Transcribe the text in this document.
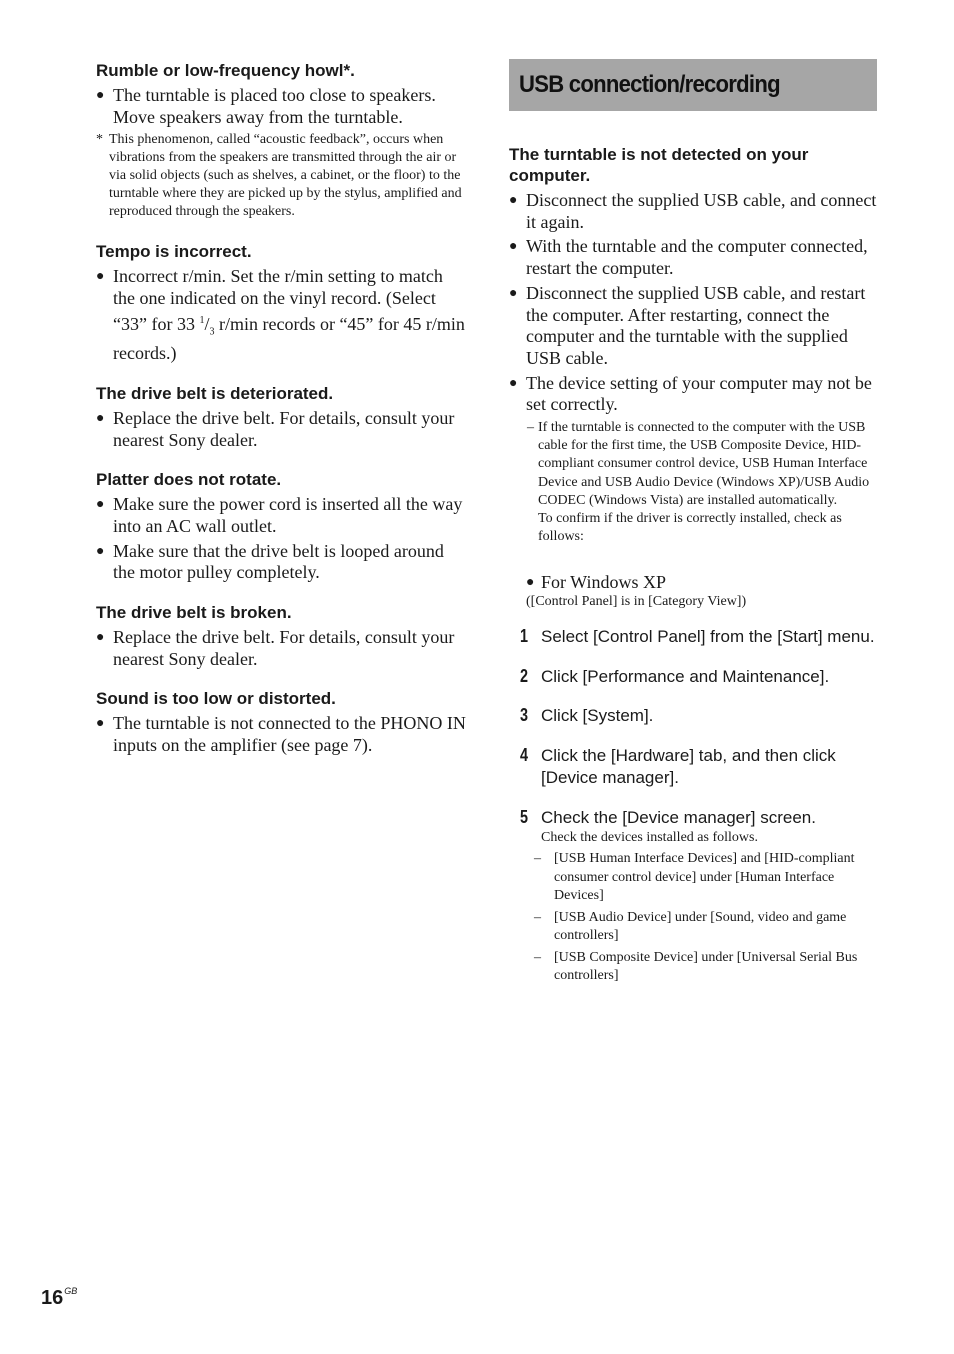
Rumble or low-frequency howl*.
● The turntable is placed too close to speakers. Move speakers away from the turntable.
* This phenomenon, called “acoustic feedback”, occurs when vibrations from the speakers are transmitted through the air or via solid objects (such as shelves, a cabinet, or the floor) to the turntable where they are picked up by the stylus, amplified and reproduced through the speakers.
Tempo is incorrect.
● Incorrect r/min. Set the r/min setting to match the one indicated on the vinyl record. (Select “33” for 33 $^1/_3$ r/min records or “45” for 45 r/min records.)
The drive belt is deteriorated.
● Replace the drive belt. For details, consult your nearest Sony dealer.
Platter does not rotate.
● Make sure the power cord is inserted all the way into an AC wall outlet.
● Make sure that the drive belt is looped around the motor pulley completely.
The drive belt is broken.
● Replace the drive belt. For details, consult your nearest Sony dealer.
Sound is too low or distorted.
● The turntable is not connected to the PHONO IN inputs on the amplifier (see page 7).
USB connection/recording
The turntable is not detected on your computer.
● Disconnect the supplied USB cable, and connect it again.
● With the turntable and the computer connected, restart the computer.
● Disconnect the supplied USB cable, and restart the computer. After restarting, connect the computer and the turntable with the supplied USB cable.
● The device setting of your computer may not be set correctly.
– If the turntable is connected to the computer with the USB cable for the first time, the USB Composite Device, HID-compliant consumer control device, USB Human Interface Device and USB Audio Device (Windows XP)/USB Audio CODEC (Windows Vista) are installed automatically.
To confirm if the driver is correctly installed, check as follows:
● For Windows XP
([Control Panel] is in [Category View])
1 Select [Control Panel] from the [Start] menu.
2 Click [Performance and Maintenance].
3 Click [System].
4 Click the [Hardware] tab, and then click [Device manager].
5 Check the [Device manager] screen.
Check the devices installed as follows.
– [USB Human Interface Devices] and [HID-compliant consumer control device] under [Human Interface Devices]
– [USB Audio Device] under [Sound, video and game controllers]
– [USB Composite Device] under [Universal Serial Bus controllers]
$16^{GB}$
